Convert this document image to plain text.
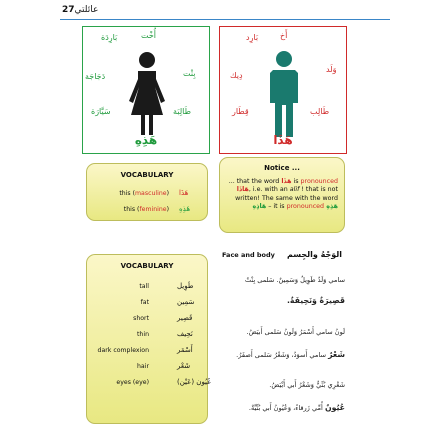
عائلتي27
أُخْت
بَارِدَة
دَجَاجَة	بِنْت
طَالِبَة
سَيَّارَة
هَذِهِ
أَخ
بَارِد
دِيك
وَلَد
طَالِب
قِطَار
هَذَا
VOCABULARY
this (masculine) هَذَا
this (feminine) هَذِهِ
Notice ...
... that the word هَذَا is pronounced
هَاذَا, i.e. with an alif ! that is not
written! The same with the word
هَاذِهِ – it is pronounced هَذِهِ
VOCABULARY
tall	طَوِيل
fat	سَمِين
short	قَصِير
thin	نَحِيف
dark complexion	أَسْمَر
hair	شَعْر
eyes (eye)	عُيُون (عَيْن)
الوَجْهُ والجِسم
Face and body
سامي وَلَدٌ طَوِيلٌ وَسَمِينٌ. سَلمى بِنْتٌ
قَصِيرَةٌ وَنَحِيفَةٌ.
لَونُ سامي أَسْمَرُ وَلَونُ سَلمى أَبيَضُ.
شَعْرُ سامي أَسوَدُ، وَشَعْرُ سَلمى أَصفَرُ.
شَعْرِي بُنِّيٌّ وَشَعْرُ أَبي أَبْيَضُ.
عُيُونُ أُمِّي زَرقاءُ، وَعُيُونُ أَبي بُنِّيَّةٌ.
